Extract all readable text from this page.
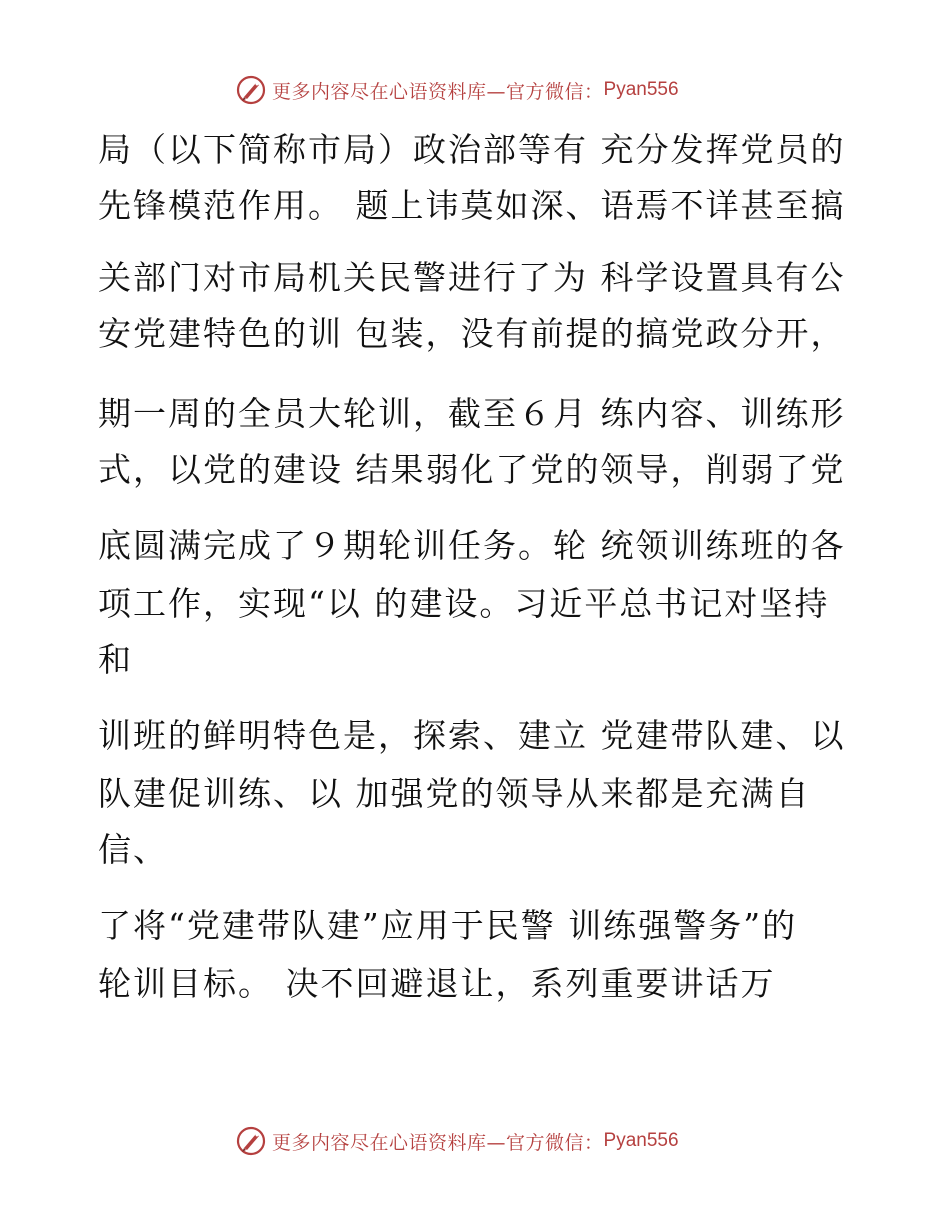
更多内容尽在心语资料库—官方微信： Pyan556
局（以下简称市局）政治部等有 充分发挥党员的
先锋模范作用。 题上讳莫如深、语焉不详甚至搞
关部门对市局机关民警进行了为 科学设置具有公
安党建特色的训 包装，没有前提的搞党政分开，
期一周的全员大轮训，截至６月 练内容、训练形
式，以党的建设 结果弱化了党的领导，削弱了党
底圆满完成了９期轮训任务。轮 统领训练班的各
项工作，实现“以 的建设。习近平总书记对坚持
和
训班的鲜明特色是，探索、建立 党建带队建、以
队建促训练、以 加强党的领导从来都是充满自
信、
了将“党建带队建”应用于民警 训练强警务”的
轮训目标。 决不回避退让，系列重要讲话万
更多内容尽在心语资料库—官方微信： Pyan556
